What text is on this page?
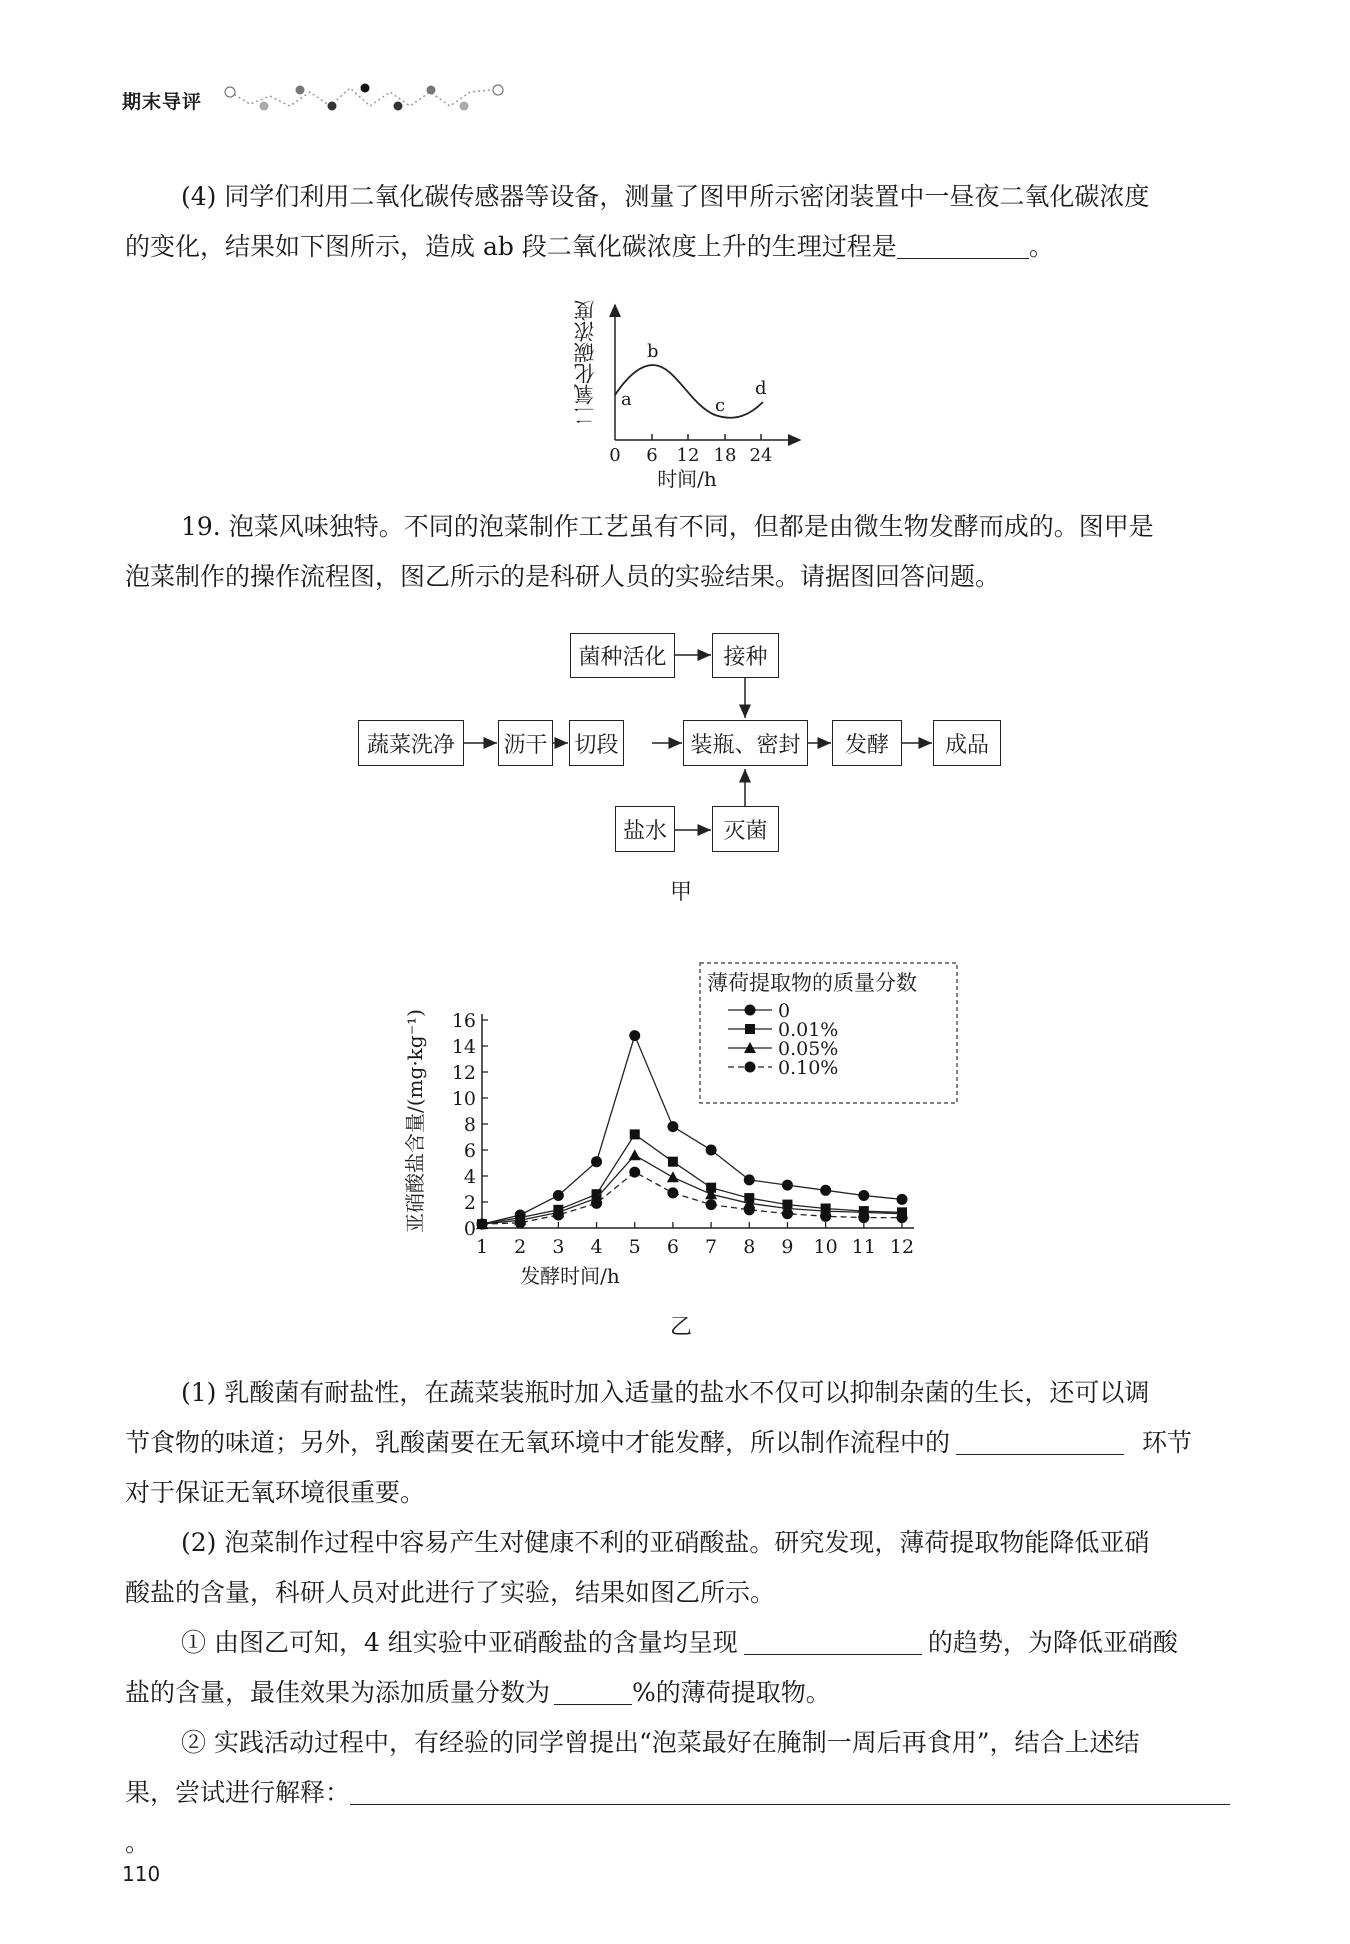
期末导评
(4) 同学们利用二氧化碳传感器等设备，测量了图甲所示密闭装置中一昼夜二氧化碳浓度
的变化，结果如下图所示，造成 ab 段二氧化碳浓度上升的生理过程是	。
0 6 12 18 24
时间/h
a
b
c
d
二氧化碳浓度
19. 泡菜风味独特。不同的泡菜制作工艺虽有不同，但都是由微生物发酵而成的。图甲是
泡菜制作的操作流程图，图乙所示的是科研人员的实验结果。请据图回答问题。
菌种活化	接种
蔬菜洗净	沥干 切段	装瓶、密封	发酵	成品
盐水	灭菌
甲
0
2
4
6
8
10
12
14
16
1 2 3 4 5 6 7 8 9 10 11 12
发酵时间/h
亚硝酸盐含量/(mg·kg⁻¹)
薄荷提取物的质量分数
0
0.01%
0.05%
0.10%
乙
(1) 乳酸菌有耐盐性，在蔬菜装瓶时加入适量的盐水不仅可以抑制杂菌的生长，还可以调
节食物的味道；另外，乳酸菌要在无氧环境中才能发酵，所以制作流程中的	环节
对于保证无氧环境很重要。
(2) 泡菜制作过程中容易产生对健康不利的亚硝酸盐。研究发现，薄荷提取物能降低亚硝
酸盐的含量，科研人员对此进行了实验，结果如图乙所示。
① 由图乙可知，4 组实验中亚硝酸盐的含量均呈现	的趋势，为降低亚硝酸
盐的含量，最佳效果为添加质量分数为	%的薄荷提取物。
② 实践活动过程中，有经验的同学曾提出“泡菜最好在腌制一周后再食用”，结合上述结
果，尝试进行解释：。
110
